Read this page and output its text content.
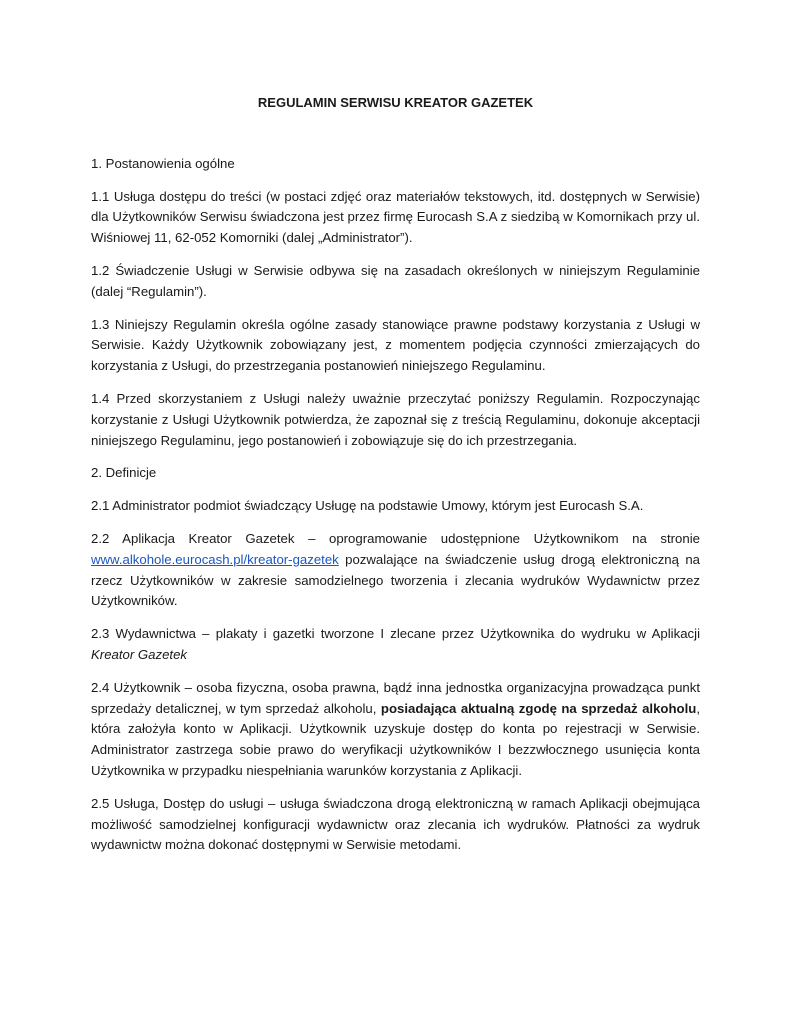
REGULAMIN SERWISU KREATOR GAZETEK
1. Postanowienia ogólne
1.1 Usługa dostępu do treści (w postaci zdjęć oraz materiałów tekstowych, itd. dostępnych w Serwisie) dla Użytkowników Serwisu świadczona jest przez firmę Eurocash S.A z siedzibą w Komornikach przy ul. Wiśniowej 11, 62-052 Komorniki (dalej „Administrator”).
1.2 Świadczenie Usługi w Serwisie odbywa się na zasadach określonych w niniejszym Regulaminie (dalej “Regulamin”).
1.3 Niniejszy Regulamin określa ogólne zasady stanowiące prawne podstawy korzystania z Usługi w Serwisie. Każdy Użytkownik zobowiązany jest, z momentem podjęcia czynności zmierzających do korzystania z Usługi, do przestrzegania postanowień niniejszego Regulaminu.
1.4 Przed skorzystaniem z Usługi należy uważnie przeczytać poniższy Regulamin. Rozpoczynając korzystanie z Usługi Użytkownik potwierdza, że zapoznał się z treścią Regulaminu, dokonuje akceptacji niniejszego Regulaminu, jego postanowień i zobowiązuje się do ich przestrzegania.
2. Definicje
2.1 Administrator podmiot świadczący Usługę na podstawie Umowy, którym jest Eurocash S.A.
2.2 Aplikacja Kreator Gazetek – oprogramowanie udostępnione Użytkownikom na stronie www.alkohole.eurocash.pl/kreator-gazetek pozwalające na świadczenie usług drogą elektroniczną na rzecz Użytkowników w zakresie samodzielnego tworzenia i zlecania wydruków Wydawnictw przez Użytkowników.
2.3 Wydawnictwa – plakaty i gazetki tworzone I zlecane przez Użytkownika do wydruku w Aplikacji Kreator Gazetek
2.4 Użytkownik – osoba fizyczna, osoba prawna, bądź inna jednostka organizacyjna prowadząca punkt sprzedaży detalicznej, w tym sprzedaż alkoholu, posiadająca aktualną zgodę na sprzedaż alkoholu, która założyła konto w Aplikacji. Użytkownik uzyskuje dostęp do konta po rejestracji w Serwisie. Administrator zastrzega sobie prawo do weryfikacji użytkowników I bezzwłocznego usunięcia konta Użytkownika w przypadku niespełniania warunków korzystania z Aplikacji.
2.5 Usługa, Dostęp do usługi – usługa świadczona drogą elektroniczną w ramach Aplikacji obejmująca możliwość samodzielnej konfiguracji wydawnictw oraz zlecania ich wydruków. Płatności za wydruk wydawnictw można dokonać dostępnymi w Serwisie metodami.
